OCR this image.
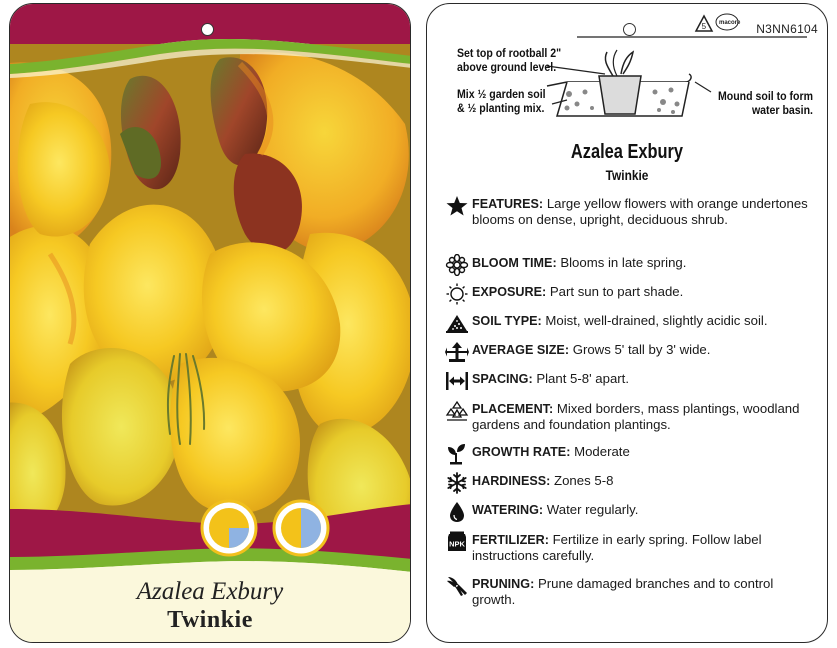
Azalea Exbury
Twinkie
5 macore N3NN6104
Set top of rootball 2"
above ground level.
Mix ½ garden soil
& ½ planting mix.
Mound soil to form
water basin.
Azalea Exbury
Twinkie
FEATURES: Large yellow flowers with orange undertones blooms on dense, upright, deciduous shrub.
BLOOM TIME: Blooms in late spring.
EXPOSURE: Part sun to part shade.
SOIL TYPE: Moist, well-drained, slightly acidic soil.
AVERAGE SIZE: Grows 5' tall by 3' wide.
SPACING: Plant 5-8' apart.
PLACEMENT: Mixed borders, mass plantings, woodland gardens and foundation plantings.
GROWTH RATE: Moderate
HARDINESS: Zones 5-8
WATERING: Water regularly.
NPK FERTILIZER: Fertilize in early spring. Follow label instructions carefully.
PRUNING: Prune damaged branches and to control growth.
